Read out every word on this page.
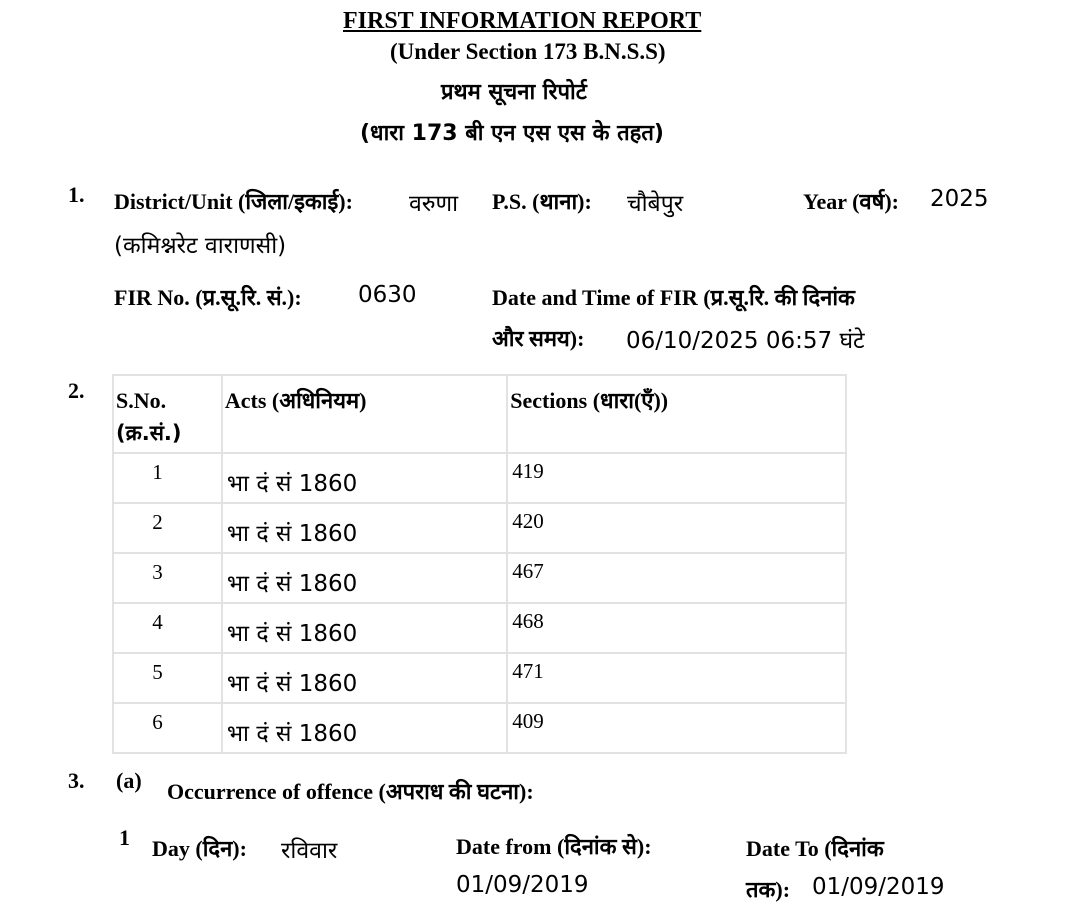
FIRST INFORMATION REPORT
(Under Section 173 B.N.S.S)
प्रथम सूचना रिपोर्ट
(धारा 173 बी एन एस एस के तहत)
1. District/Unit (जिला/इकाई): वरुणा
(कमिश्नरेट वाराणसी)
P.S. (थाना): चौबेपुर	Year (वर्ष): 2025
FIR No. (प्र.सू.रि. सं.): 0630	Date and Time of FIR (प्र.सू.रि. की दिनांक
और समय): 06/10/2025 06:57 घंटे
2. S.No.
(क्र.सं.)	Acts (अधिनियम)	Sections (धारा(एँ))

1	भा दं सं 1860	419

2	भा दं सं 1860	420

3	भा दं सं 1860	467

4	भा दं सं 1860	468

5	भा दं सं 1860	471

6	भा दं सं 1860	409
3. (a) Occurrence of offence (अपराध की घटना):
1 Day (दिन): रविवार	Date from (दिनांक से):
01/09/2019
Date To (दिनांक
तक): 01/09/2019
